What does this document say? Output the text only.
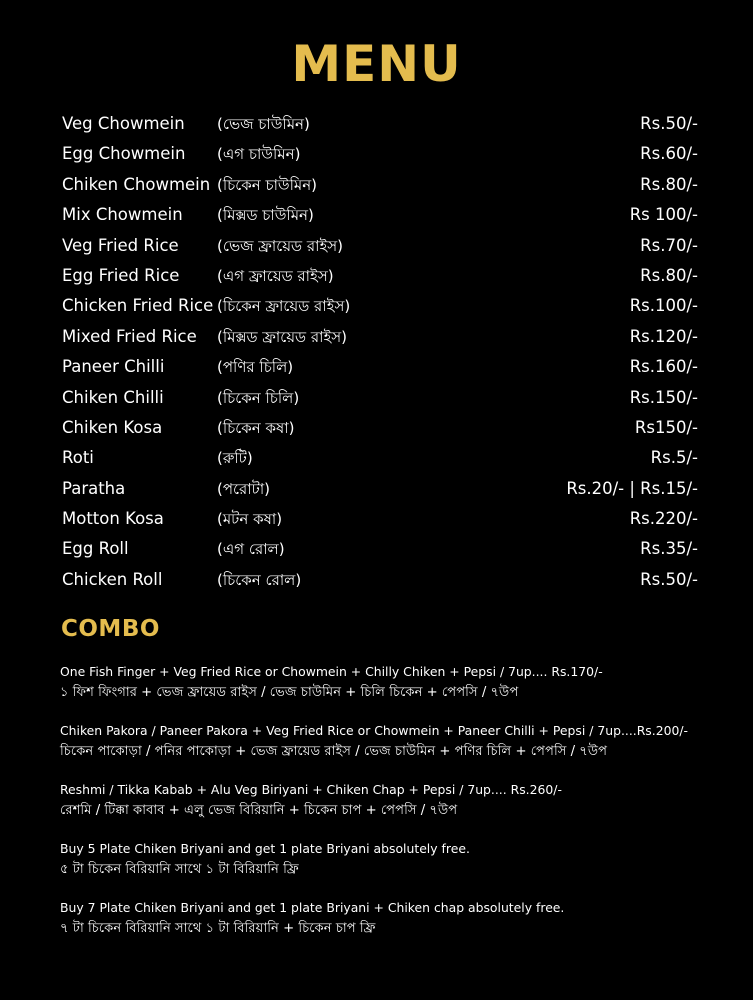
MENU
Veg Chowmein (ভেজ চাউমিন)	Rs.50/-
Egg Chowmein (এগ চাউমিন)	Rs.60/-
Chiken Chowmein (চিকেন চাউমিন)	Rs.80/-
Mix Chowmein (মিক্সড চাউমিন)	Rs 100/-
Veg Fried Rice	(ভেজ ফ্রায়েড রাইস)	Rs.70/-
Egg Fried Rice	(এগ ফ্রায়েড রাইস)	Rs.80/-
Chicken Fried Rice (চিকেন ফ্রায়েড রাইস)	Rs.100/-
Mixed Fried Rice (মিক্সড ফ্রায়েড রাইস)	Rs.120/-
Paneer Chilli	(পণির চিলি)	Rs.160/-
Chiken Chilli	(চিকেন চিলি)	Rs.150/-
Chiken Kosa	(চিকেন কষা)	Rs150/-
Roti	(রুটি)	Rs.5/-
Paratha	(পরোটা)	Rs.20/- | Rs.15/-
Motton Kosa	(মটন কষা)	Rs.220/-
Egg Roll	(এগ রোল)	Rs.35/-
Chicken Roll	(চিকেন রোল)	Rs.50/-
COMBO
One Fish Finger + Veg Fried Rice or Chowmein + Chilly Chiken + Pepsi / 7up.... Rs.170/-
১ ফিশ ফিংগার + ভেজ ফ্রায়েড রাইস / ভেজ চাউমিন + চিলি চিকেন + পেপসি / ৭উপ
Chiken Pakora / Paneer Pakora + Veg Fried Rice or Chowmein + Paneer Chilli + Pepsi / 7up....Rs.200/-
চিকেন পাকোড়া / পনির পাকোড়া + ভেজ ফ্রায়েড রাইস / ভেজ চাউমিন + পণির চিলি + পেপসি / ৭উপ
Reshmi / Tikka Kabab + Alu Veg Biriyani + Chiken Chap + Pepsi / 7up.... Rs.260/-
রেশমি / টিক্কা কাবাব + এলু ভেজ বিরিয়ানি + চিকেন চাপ + পেপসি / ৭উপ
Buy 5 Plate Chiken Briyani and get 1 plate Briyani absolutely free.
৫ টা চিকেন বিরিয়ানি সাথে ১ টা বিরিয়ানি ফ্রি
Buy 7 Plate Chiken Briyani and get 1 plate Briyani + Chiken chap absolutely free.
৭ টা চিকেন বিরিয়ানি সাথে ১ টা বিরিয়ানি + চিকেন চাপ ফ্রি
